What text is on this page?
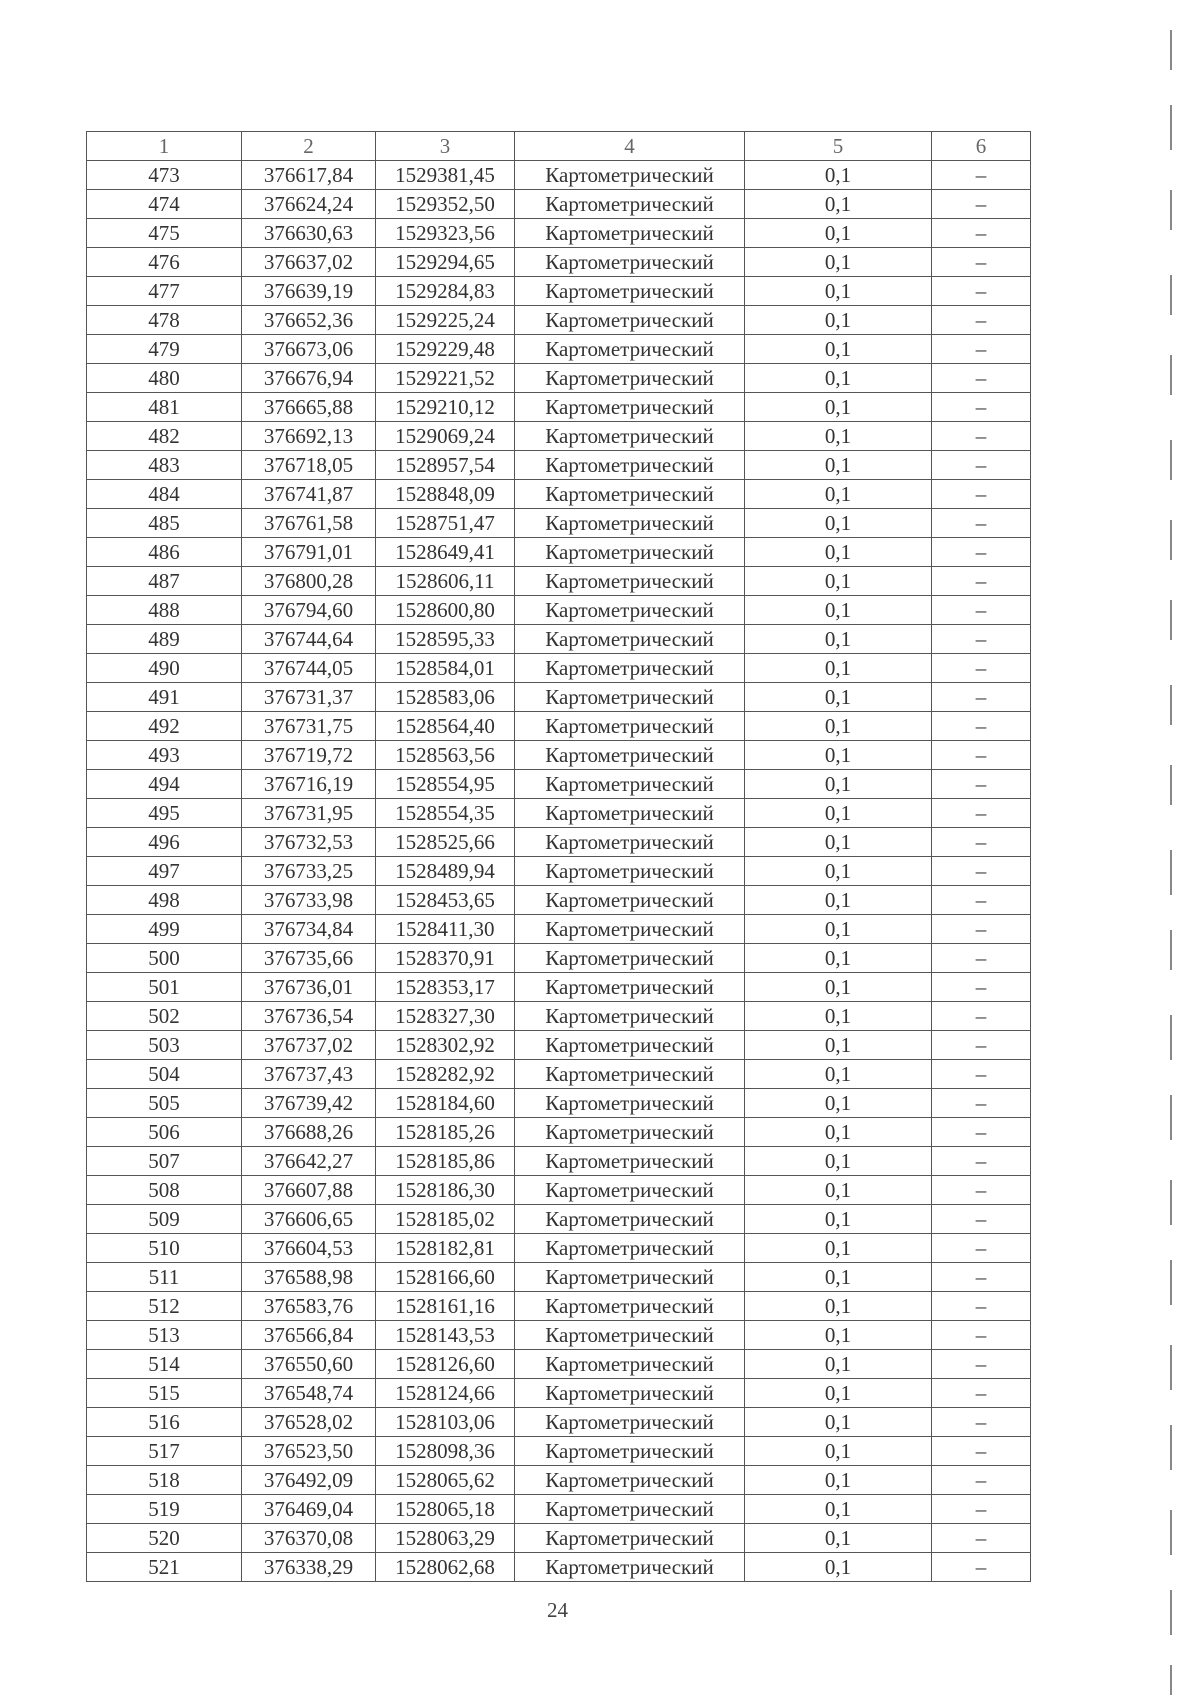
1	2	3	4	5	6
473	376617,84	1529381,45	Картометрический	0,1	–
474	376624,24	1529352,50	Картометрический	0,1	–
475	376630,63	1529323,56	Картометрический	0,1	–
476	376637,02	1529294,65	Картометрический	0,1	–
477	376639,19	1529284,83	Картометрический	0,1	–
478	376652,36	1529225,24	Картометрический	0,1	–
479	376673,06	1529229,48	Картометрический	0,1	–
480	376676,94	1529221,52	Картометрический	0,1	–
481	376665,88	1529210,12	Картометрический	0,1	–
482	376692,13	1529069,24	Картометрический	0,1	–
483	376718,05	1528957,54	Картометрический	0,1	–
484	376741,87	1528848,09	Картометрический	0,1	–
485	376761,58	1528751,47	Картометрический	0,1	–
486	376791,01	1528649,41	Картометрический	0,1	–
487	376800,28	1528606,11	Картометрический	0,1	–
488	376794,60	1528600,80	Картометрический	0,1	–
489	376744,64	1528595,33	Картометрический	0,1	–
490	376744,05	1528584,01	Картометрический	0,1	–
491	376731,37	1528583,06	Картометрический	0,1	–
492	376731,75	1528564,40	Картометрический	0,1	–
493	376719,72	1528563,56	Картометрический	0,1	–
494	376716,19	1528554,95	Картометрический	0,1	–
495	376731,95	1528554,35	Картометрический	0,1	–
496	376732,53	1528525,66	Картометрический	0,1	–
497	376733,25	1528489,94	Картометрический	0,1	–
498	376733,98	1528453,65	Картометрический	0,1	–
499	376734,84	1528411,30	Картометрический	0,1	–
500	376735,66	1528370,91	Картометрический	0,1	–
501	376736,01	1528353,17	Картометрический	0,1	–
502	376736,54	1528327,30	Картометрический	0,1	–
503	376737,02	1528302,92	Картометрический	0,1	–
504	376737,43	1528282,92	Картометрический	0,1	–
505	376739,42	1528184,60	Картометрический	0,1	–
506	376688,26	1528185,26	Картометрический	0,1	–
507	376642,27	1528185,86	Картометрический	0,1	–
508	376607,88	1528186,30	Картометрический	0,1	–
509	376606,65	1528185,02	Картометрический	0,1	–
510	376604,53	1528182,81	Картометрический	0,1	–
511	376588,98	1528166,60	Картометрический	0,1	–
512	376583,76	1528161,16	Картометрический	0,1	–
513	376566,84	1528143,53	Картометрический	0,1	–
514	376550,60	1528126,60	Картометрический	0,1	–
515	376548,74	1528124,66	Картометрический	0,1	–
516	376528,02	1528103,06	Картометрический	0,1	–
517	376523,50	1528098,36	Картометрический	0,1	–
518	376492,09	1528065,62	Картометрический	0,1	–
519	376469,04	1528065,18	Картометрический	0,1	–
520	376370,08	1528063,29	Картометрический	0,1	–
521	376338,29	1528062,68	Картометрический	0,1	–
24
